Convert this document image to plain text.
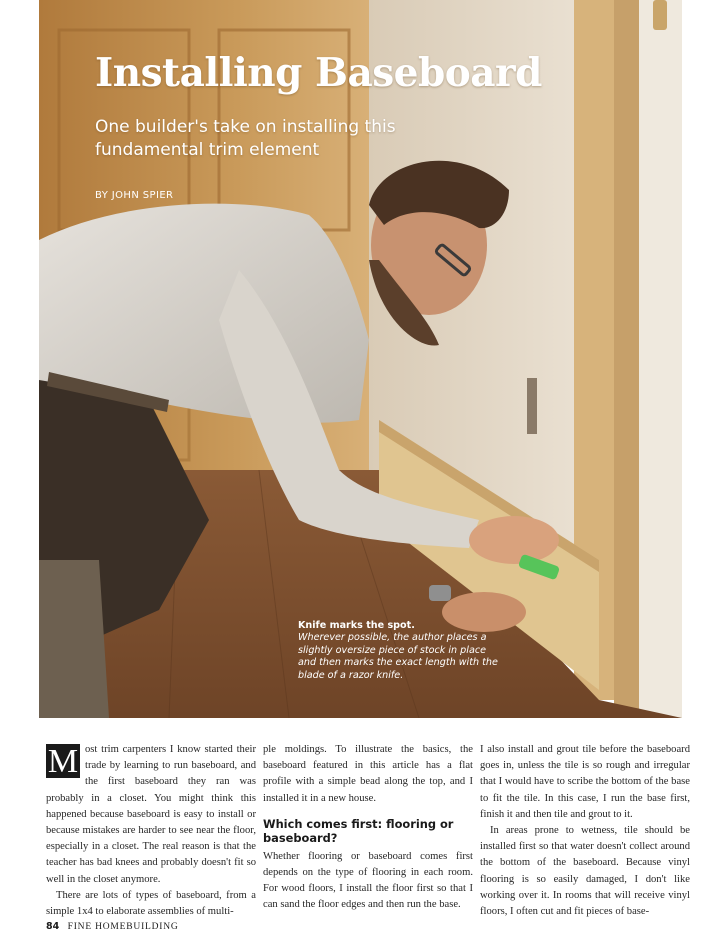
Installing Baseboard

One builder's take on installing this fundamental trim element

BY JOHN SPIER

Knife marks the spot.
Wherever possible, the author places a slightly oversize piece of stock in place and then marks the exact length with the blade of a razor knife.

M ost trim carpenters I know started their trade by learning to run baseboard, and the first baseboard they ran was probably in a closet. You might think this happened because baseboard is easy to install or because mistakes are harder to see near the floor, especially in a closet. The real reason is that the teacher has bad knees and probably doesn't fit so well in the closet anymore.

There are lots of types of baseboard, from a simple 1x4 to elaborate assemblies of multi-

ple moldings. To illustrate the basics, the baseboard featured in this article has a flat profile with a simple bead along the top, and I installed it in a new house.

Which comes first: flooring or baseboard?

Whether flooring or baseboard comes first depends on the type of flooring in each room. For wood floors, I install the floor first so that I can sand the floor edges and then run the base.

I also install and grout tile before the baseboard goes in, unless the tile is so rough and irregular that I would have to scribe the bottom of the base to fit the tile. In this case, I run the base first, finish it and then tile and grout to it.

In areas prone to wetness, tile should be installed first so that water doesn't collect around the bottom of the baseboard. Because vinyl flooring is so easily damaged, I don't like working over it. In rooms that will receive vinyl floors, I often cut and fit pieces of base-

84 FINE HOMEBUILDING
